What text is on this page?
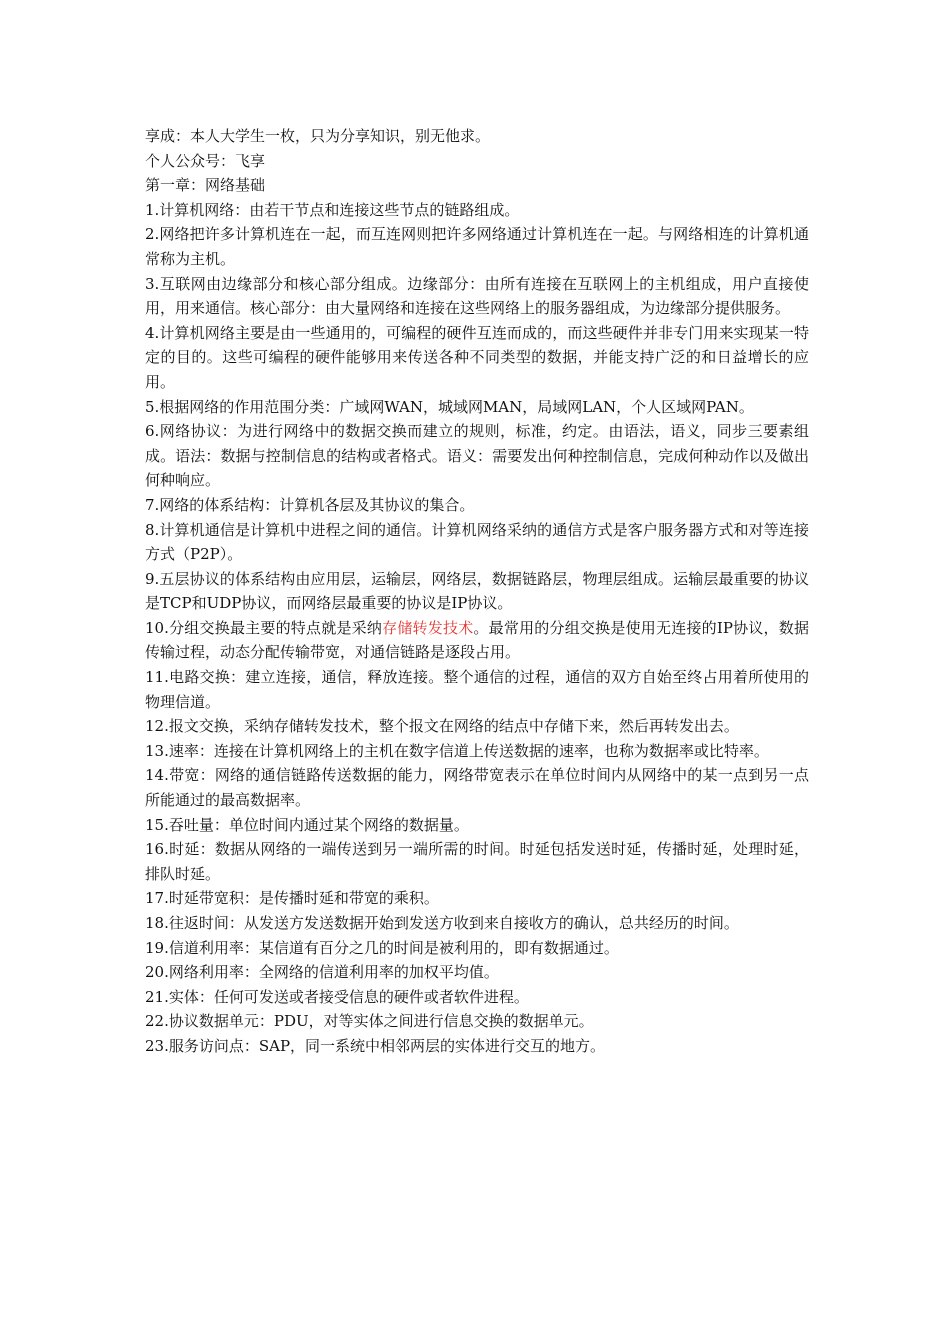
享成：本人大学生一枚，只为分享知识，别无他求。

个人公众号：飞享

第一章：网络基础

1.计算机网络：由若干节点和连接这些节点的链路组成。

2.网络把许多计算机连在一起，而互连网则把许多网络通过计算机连在一起。与网络相连的计算机通常称为主机。

3.互联网由边缘部分和核心部分组成。边缘部分：由所有连接在互联网上的主机组成，用户直接使用，用来通信。核心部分：由大量网络和连接在这些网络上的服务器组成，为边缘部分提供服务。

4.计算机网络主要是由一些通用的，可编程的硬件互连而成的，而这些硬件并非专门用来实现某一特定的目的。这些可编程的硬件能够用来传送各种不同类型的数据，并能支持广泛的和日益增长的应用。

5.根据网络的作用范围分类：广域网WAN，城域网MAN，局域网LAN，个人区域网PAN。

6.网络协议：为进行网络中的数据交换而建立的规则，标准，约定。由语法，语义，同步三要素组成。语法：数据与控制信息的结构或者格式。语义：需要发出何种控制信息，完成何种动作以及做出何种响应。

7.网络的体系结构：计算机各层及其协议的集合。

8.计算机通信是计算机中进程之间的通信。计算机网络采纳的通信方式是客户服务器方式和对等连接方式（P2P）。

9.五层协议的体系结构由应用层，运输层，网络层，数据链路层，物理层组成。运输层最重要的协议是TCP和UDP协议，而网络层最重要的协议是IP协议。

10.分组交换最主要的特点就是采纳存储转发技术。最常用的分组交换是使用无连接的IP协议，数据传输过程，动态分配传输带宽，对通信链路是逐段占用。

11.电路交换：建立连接，通信，释放连接。整个通信的过程，通信的双方自始至终占用着所使用的物理信道。

12.报文交换，采纳存储转发技术，整个报文在网络的结点中存储下来，然后再转发出去。

13.速率：连接在计算机网络上的主机在数字信道上传送数据的速率，也称为数据率或比特率。

14.带宽：网络的通信链路传送数据的能力，网络带宽表示在单位时间内从网络中的某一点到另一点所能通过的最高数据率。

15.吞吐量：单位时间内通过某个网络的数据量。

16.时延：数据从网络的一端传送到另一端所需的时间。时延包括发送时延，传播时延，处理时延，排队时延。

17.时延带宽积：是传播时延和带宽的乘积。

18.往返时间：从发送方发送数据开始到发送方收到来自接收方的确认，总共经历的时间。

19.信道利用率：某信道有百分之几的时间是被利用的，即有数据通过。

20.网络利用率：全网络的信道利用率的加权平均值。

21.实体：任何可发送或者接受信息的硬件或者软件进程。

22.协议数据单元：PDU，对等实体之间进行信息交换的数据单元。

23.服务访问点：SAP，同一系统中相邻两层的实体进行交互的地方。
